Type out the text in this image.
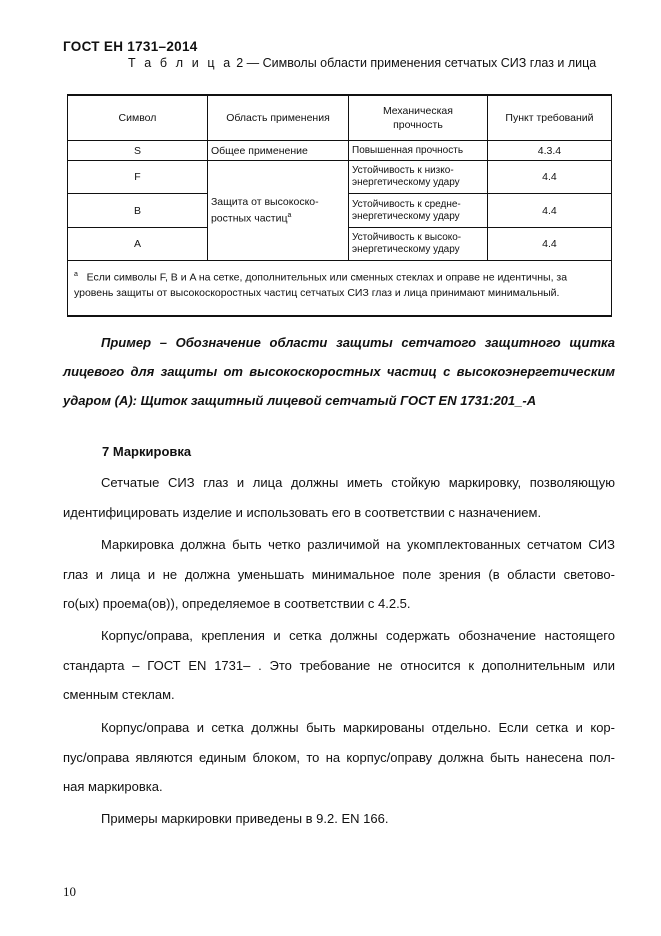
ГОСТ EH 1731–2014
Т а б л и ц а 2 — Символы области применения сетчатых СИЗ глаз и лица
Символ	Область применения	Механическая прочность	Пункт требований
S	Общее применение	Повышенная прочность	4.3.4
F	Защита от высокоско-ростных частиц$^а$	Устойчивость к низко-энергетическому удару	4.4
B		Устойчивость к средне-энергетическому удару	4.4
A		Устойчивость к высоко-энергетическому удару	4.4
$^а$ Если символы F, B и A на сетке, дополнительных или сменных стеклах и оправе не идентичны, за уровень защиты от высокоскоростных частиц сетчатых СИЗ глаз и лица принимают минимальный.			
Пример – Обозначение области защиты сетчатого защитного щитка
лицевого для защиты от высокоскоростных частиц с высокоэнергетическим
ударом (A): Щиток защитный лицевой сетчатый ГОСТ EN 1731:201_-A
7 Маркировка
Сетчатые СИЗ глаз и лица должны иметь стойкую маркировку, позволяющую
идентифицировать изделие и использовать его в соответствии с назначением.
Маркировка должна быть четко различимой на укомплектованных сетчатом СИЗ
глаз и лица и не должна уменьшать минимальное поле зрения (в области светово-
го(ых) проема(ов)), определяемое в соответствии с 4.2.5.
Корпус/оправа, крепления и сетка должны содержать обозначение настоящего
стандарта – ГОСТ EN 1731– . Это требование не относится к дополнительным или
сменным стеклам.
Корпус/оправа и сетка должны быть маркированы отдельно. Если сетка и кор-
пус/оправа являются единым блоком, то на корпус/оправу должна быть нанесена пол-
ная маркировка.
Примеры маркировки приведены в 9.2. EN 166.
10
